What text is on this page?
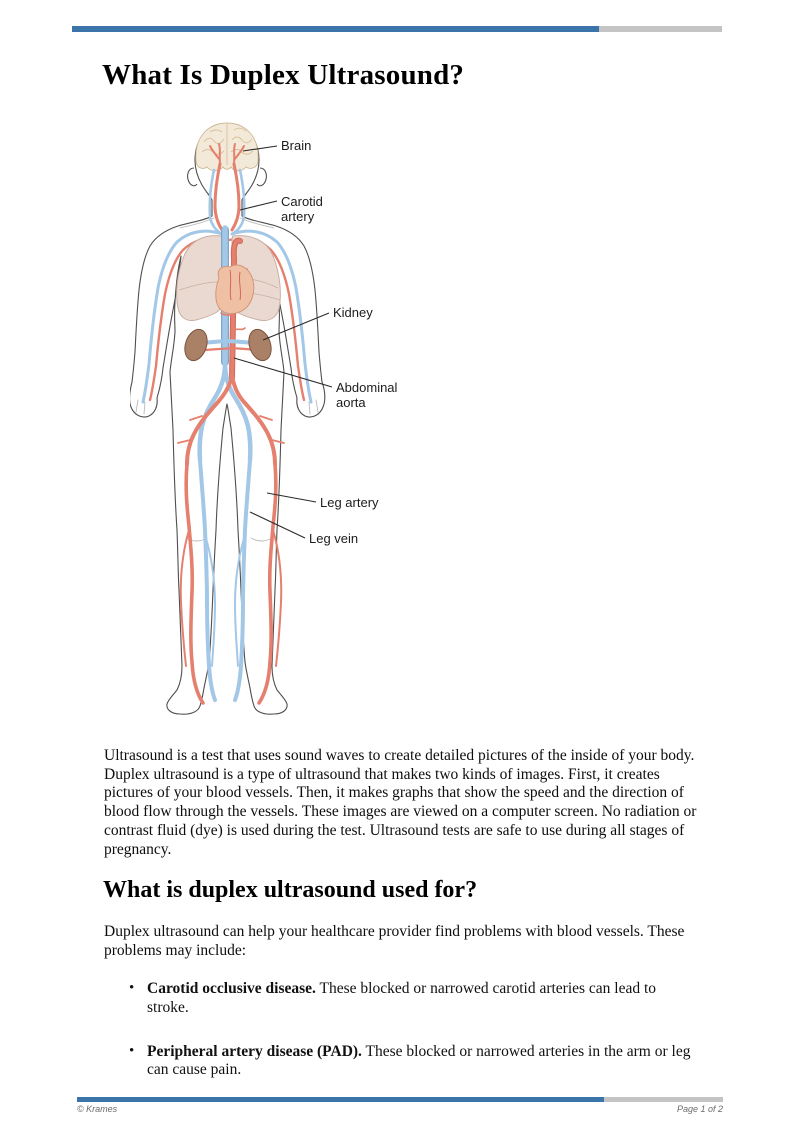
What Is Duplex Ultrasound?
Brain
Carotid
artery
Kidney
Abdominal
aorta
Leg artery
Leg vein

Ultrasound is a test that uses sound waves to create detailed pictures of the inside of your body. Duplex ultrasound is a type of ultrasound that makes two kinds of images. First, it creates pictures of your blood vessels. Then, it makes graphs that show the speed and the direction of blood flow through the vessels. These images are viewed on a computer screen. No radiation or contrast fluid (dye) is used during the test. Ultrasound tests are safe to use during all stages of pregnancy.

What is duplex ultrasound used for?

Duplex ultrasound can help your healthcare provider find problems with blood vessels. These problems may include:

• Carotid occlusive disease. These blocked or narrowed carotid arteries can lead to stroke.
• Peripheral artery disease (PAD). These blocked or narrowed arteries in the arm or leg can cause pain.
© Krames	Page 1 of 2
